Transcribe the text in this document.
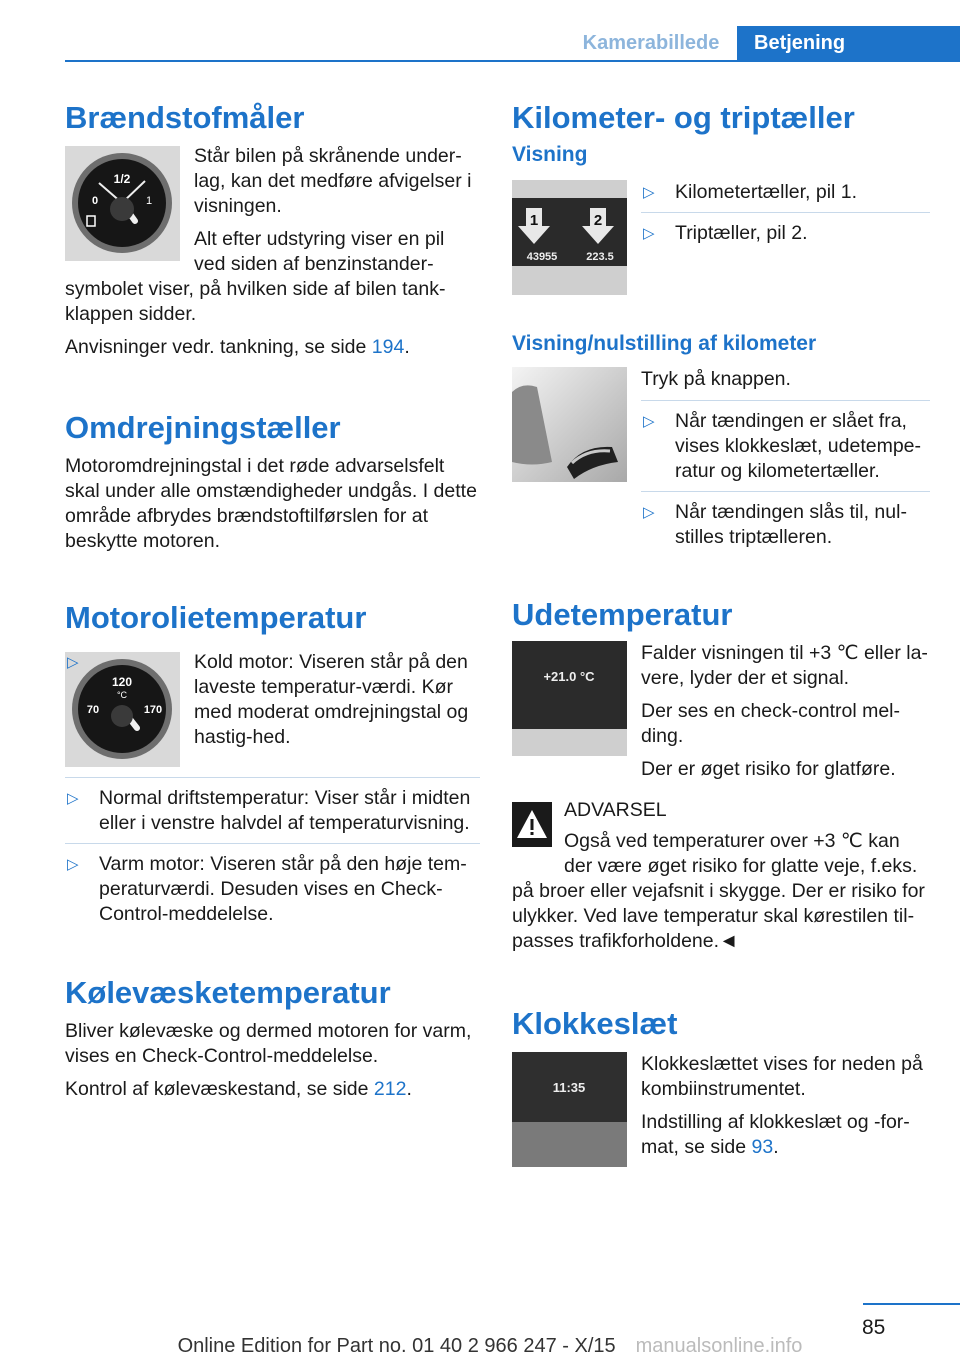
Kamerabillede	Betjening
Brændstofmåler
1/2
0	1
Står bilen på skrånende under-lag, kan det medføre afvigelser i visningen.
Alt efter udstyring viser en pil ved siden af benzinstander-symbolet viser, på hvilken side af bilen tank-klappen sidder.
Anvisninger vedr. tankning, se side 194.
Omdrejningstæller
Motoromdrejningstal i det røde advarselsfelt skal under alle omstændigheder undgås. I dette område afbrydes brændstoftilførslen for at beskytte motoren.
Motorolietemperatur
120
°C
70	170
▷	Kold motor: Viseren står på den laveste temperatur-værdi. Kør med moderat omdrejningstal og hastig-hed.
▷ Normal driftstemperatur: Viser står i midten eller i venstre halvdel af temperaturvisning.
▷ Varm motor: Viseren står på den høje tem-peraturværdi. Desuden vises en Check-Control-meddelelse.
Kølevæsketemperatur
Bliver kølevæske og dermed motoren for varm, vises en Check-Control-meddelelse.
Kontrol af kølevæskestand, se side 212.
Kilometer- og triptæller
Visning
1	2
43955	223.5
▷ Kilometertæller, pil 1.
▷ Triptæller, pil 2.
Visning/nulstilling af kilometer
Tryk på knappen.
▷ Når tændingen er slået fra, vises klokkeslæt, udetempe-ratur og kilometertæller.
▷ Når tændingen slås til, nul-stilles triptælleren.
Udetemperatur
+21.0 °C
Falder visningen til +3 ℃ eller la-vere, lyder der et signal.
Der ses en check-control mel-ding.
Der er øget risiko for glatføre.
ADVARSEL
Også ved temperaturer over +3 ℃ kan der være øget risiko for glatte veje, f.eks. på broer eller vejafsnit i skygge. Der er risiko for ulykker. Ved lave temperatur skal kørestilen til-passes trafikforholdene.◄
Klokkeslæt
11:35
Klokkeslættet vises for neden på kombiinstrumentet.
Indstilling af klokkeslæt og -for-mat, se side 93.
85
Online Edition for Part no. 01 40 2 966 247 - X/15 manualsonline.info
